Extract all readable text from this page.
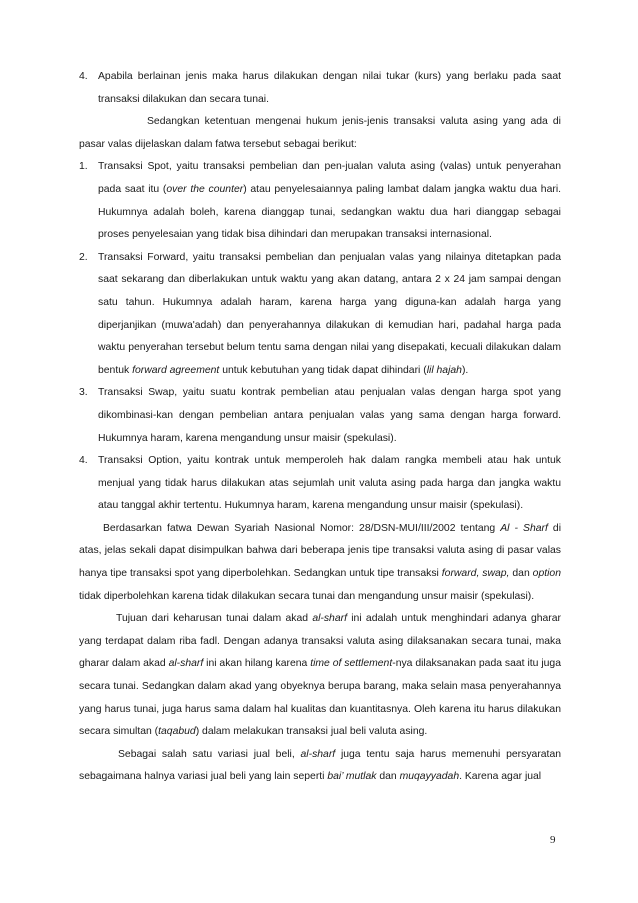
4. Apabila berlainan jenis maka harus dilakukan dengan nilai tukar (kurs) yang berlaku pada saat transaksi dilakukan dan secara tunai.

Sedangkan ketentuan mengenai hukum jenis-jenis transaksi valuta asing yang ada di pasar valas dijelaskan dalam fatwa tersebut sebagai berikut:

1. Transaksi Spot, yaitu transaksi pembelian dan pen-jualan valuta asing (valas) untuk penyerahan pada saat itu (over the counter) atau penyelesaiannya paling lambat dalam jangka waktu dua hari. Hukumnya adalah boleh, karena dianggap tunai, sedangkan waktu dua hari dianggap sebagai proses penyelesaian yang tidak bisa dihindari dan merupakan transaksi internasional.

2. Transaksi Forward, yaitu transaksi pembelian dan penjualan valas yang nilainya ditetapkan pada saat sekarang dan diberlakukan untuk waktu yang akan datang, antara 2 x 24 jam sampai dengan satu tahun. Hukumnya adalah haram, karena harga yang diguna-kan adalah harga yang diperjanjikan (muwa'adah) dan penyerahannya dilakukan di kemudian hari, padahal harga pada waktu penyerahan tersebut belum tentu sama dengan nilai yang disepakati, kecuali dilakukan dalam bentuk forward agreement untuk kebutuhan yang tidak dapat dihindari (lil hajah).

3. Transaksi Swap, yaitu suatu kontrak pembelian atau penjualan valas dengan harga spot yang dikombinasi-kan dengan pembelian antara penjualan valas yang sama dengan harga forward. Hukumnya haram, karena mengandung unsur maisir (spekulasi).

4. Transaksi Option, yaitu kontrak untuk memperoleh hak dalam rangka membeli atau hak untuk menjual yang tidak harus dilakukan atas sejumlah unit valuta asing pada harga dan jangka waktu atau tanggal akhir tertentu. Hukumnya haram, karena mengandung unsur maisir (spekulasi).

Berdasarkan fatwa Dewan Syariah Nasional Nomor: 28/DSN-MUI/III/2002 tentang Al - Sharf di atas, jelas sekali dapat disimpulkan bahwa dari beberapa jenis tipe transaksi valuta asing di pasar valas hanya tipe transaksi spot yang diperbolehkan. Sedangkan untuk tipe transaksi forward, swap, dan option tidak diperbolehkan karena tidak dilakukan secara tunai dan mengandung unsur maisir (spekulasi).

Tujuan dari keharusan tunai dalam akad al-sharf ini adalah untuk menghindari adanya gharar yang terdapat dalam riba fadl. Dengan adanya transaksi valuta asing dilaksanakan secara tunai, maka gharar dalam akad al-sharf ini akan hilang karena time of settlement-nya dilaksanakan pada saat itu juga secara tunai. Sedangkan dalam akad yang obyeknya berupa barang, maka selain masa penyerahannya yang harus tunai, juga harus sama dalam hal kualitas dan kuantitasnya. Oleh karena itu harus dilakukan secara simultan (taqabud) dalam melakukan transaksi jual beli valuta asing.

Sebagai salah satu variasi jual beli, al-sharf juga tentu saja harus memenuhi persyaratan sebagaimana halnya variasi jual beli yang lain seperti bai’ mutlak dan muqayyadah. Karena agar jual

9
